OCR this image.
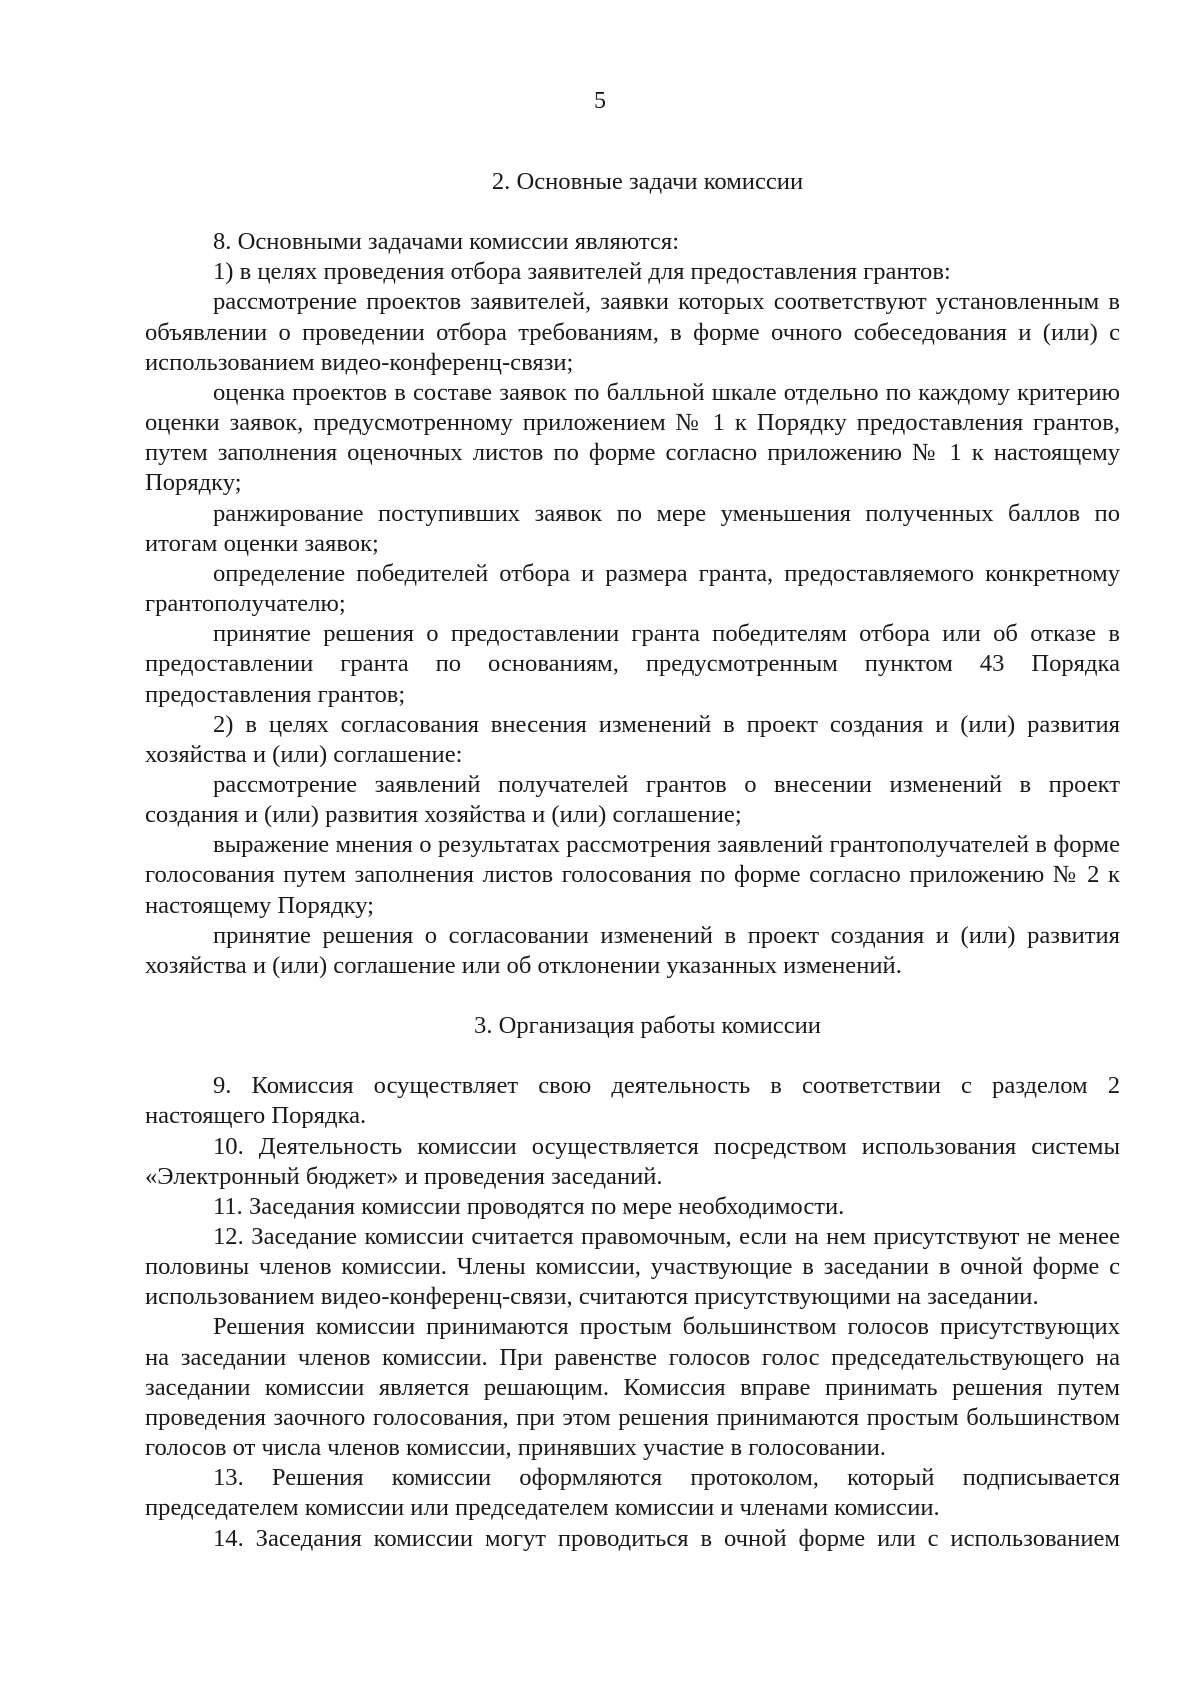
5
2. Основные задачи комиссии

8. Основными задачами комиссии являются:

1) в целях проведения отбора заявителей для предоставления грантов:

рассмотрение проектов заявителей, заявки которых соответствуют установленным в объявлении о проведении отбора требованиям, в форме очного собеседования и (или) с использованием видео-конференц-связи;

оценка проектов в составе заявок по балльной шкале отдельно по каждому критерию оценки заявок, предусмотренному приложением № 1 к Порядку предоставления грантов, путем заполнения оценочных листов по форме согласно приложению № 1 к настоящему Порядку;

ранжирование поступивших заявок по мере уменьшения полученных баллов по итогам оценки заявок;

определение победителей отбора и размера гранта, предоставляемого конкретному грантополучателю;

принятие решения о предоставлении гранта победителям отбора или об отказе в предоставлении гранта по основаниям, предусмотренным пунктом 43 Порядка предоставления грантов;

2) в целях согласования внесения изменений в проект создания и (или) развития хозяйства и (или) соглашение:

рассмотрение заявлений получателей грантов о внесении изменений в проект создания и (или) развития хозяйства и (или) соглашение;

выражение мнения о результатах рассмотрения заявлений грантополучателей в форме голосования путем заполнения листов голосования по форме согласно приложению № 2 к настоящему Порядку;

принятие решения о согласовании изменений в проект создания и (или) развития хозяйства и (или) соглашение или об отклонении указанных изменений.

3. Организация работы комиссии

9. Комиссия осуществляет свою деятельность в соответствии с разделом 2 настоящего Порядка.

10. Деятельность комиссии осуществляется посредством использования системы «Электронный бюджет» и проведения заседаний.

11. Заседания комиссии проводятся по мере необходимости.

12. Заседание комиссии считается правомочным, если на нем присутствуют не менее половины членов комиссии. Члены комиссии, участвующие в заседании в очной форме с использованием видео-конференц-связи, считаются присутствующими на заседании.

Решения комиссии принимаются простым большинством голосов присутствующих на заседании членов комиссии. При равенстве голосов голос председательствующего на заседании комиссии является решающим. Комиссия вправе принимать решения путем проведения заочного голосования, при этом решения принимаются простым большинством голосов от числа членов комиссии, принявших участие в голосовании.

13. Решения комиссии оформляются протоколом, который подписывается председателем комиссии или председателем комиссии и членами комиссии.

14. Заседания комиссии могут проводиться в очной форме или с использованием
